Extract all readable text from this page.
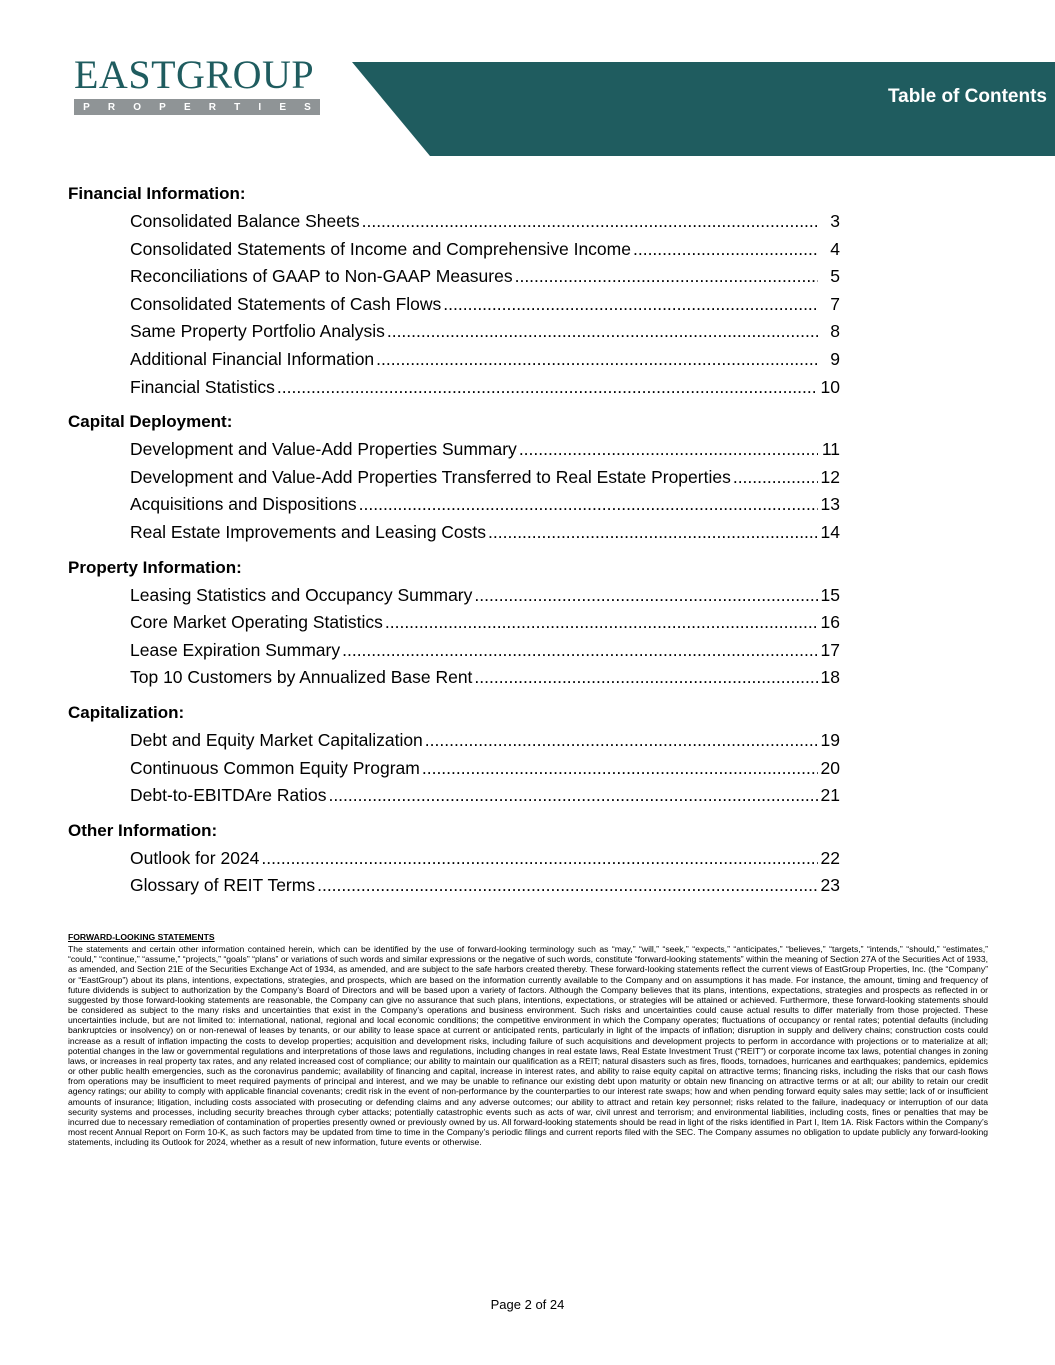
Table of Contents
EASTGROUP
P R O P E R T I E S
Financial Information:
Consolidated Balance Sheets .....	3
Consolidated Statements of Income and Comprehensive Income .....	4
Reconciliations of GAAP to Non-GAAP Measures .....	5
Consolidated Statements of Cash Flows .....	7
Same Property Portfolio Analysis .....	8
Additional Financial Information .....	9
Financial Statistics .....	10
Capital Deployment:
Development and Value-Add Properties Summary .....	11
Development and Value-Add Properties Transferred to Real Estate Properties .....	12
Acquisitions and Dispositions .....	13
Real Estate Improvements and Leasing Costs .....	14
Property Information:
Leasing Statistics and Occupancy Summary .....	15
Core Market Operating Statistics .....	16
Lease Expiration Summary .....	17
Top 10 Customers by Annualized Base Rent .....	18
Capitalization:
Debt and Equity Market Capitalization .....	19
Continuous Common Equity Program .....	20
Debt-to-EBITDAre Ratios .....	21
Other Information:
Outlook for 2024 .....	22
Glossary of REIT Terms .....	23
FORWARD-LOOKING STATEMENTS
The statements and certain other information contained herein, which can be identified by the use of forward-looking terminology such as “may,” “will,” “seek,” “expects,” “anticipates,” “believes,” “targets,” “intends,” “should,” “estimates,” “could,” “continue,” “assume,” “projects,” “goals” “plans” or variations of such words and similar expressions or the negative of such words, constitute “forward-looking statements” within the meaning of Section 27A of the Securities Act of 1933, as amended, and Section 21E of the Securities Exchange Act of 1934, as amended, and are subject to the safe harbors created thereby. These forward-looking statements reflect the current views of EastGroup Properties, Inc. (the “Company” or “EastGroup”) about its plans, intentions, expectations, strategies, and prospects, which are based on the information currently available to the Company and on assumptions it has made. For instance, the amount, timing and frequency of future dividends is subject to authorization by the Company’s Board of Directors and will be based upon a variety of factors. Although the Company believes that its plans, intentions, expectations, strategies and prospects as reflected in or suggested by those forward-looking statements are reasonable, the Company can give no assurance that such plans, intentions, expectations, or strategies will be attained or achieved. Furthermore, these forward-looking statements should be considered as subject to the many risks and uncertainties that exist in the Company’s operations and business environment. Such risks and uncertainties could cause actual results to differ materially from those projected. These uncertainties include, but are not limited to: international, national, regional and local economic conditions; the competitive environment in which the Company operates; fluctuations of occupancy or rental rates; potential defaults (including bankruptcies or insolvency) on or non-renewal of leases by tenants, or our ability to lease space at current or anticipated rents, particularly in light of the impacts of inflation; disruption in supply and delivery chains; construction costs could increase as a result of inflation impacting the costs to develop properties; acquisition and development risks, including failure of such acquisitions and development projects to perform in accordance with projections or to materialize at all; potential changes in the law or governmental regulations and interpretations of those laws and regulations, including changes in real estate laws, Real Estate Investment Trust (“REIT”) or corporate income tax laws, potential changes in zoning laws, or increases in real property tax rates, and any related increased cost of compliance; our ability to maintain our qualification as a REIT; natural disasters such as fires, floods, tornadoes, hurricanes and earthquakes; pandemics, epidemics or other public health emergencies, such as the coronavirus pandemic; availability of financing and capital, increase in interest rates, and ability to raise equity capital on attractive terms; financing risks, including the risks that our cash flows from operations may be insufficient to meet required payments of principal and interest, and we may be unable to refinance our existing debt upon maturity or obtain new financing on attractive terms or at all; our ability to retain our credit agency ratings; our ability to comply with applicable financial covenants; credit risk in the event of non-performance by the counterparties to our interest rate swaps; how and when pending forward equity sales may settle; lack of or insufficient amounts of insurance; litigation, including costs associated with prosecuting or defending claims and any adverse outcomes; our ability to attract and retain key personnel; risks related to the failure, inadequacy or interruption of our data security systems and processes, including security breaches through cyber attacks; potentially catastrophic events such as acts of war, civil unrest and terrorism; and environmental liabilities, including costs, fines or penalties that may be incurred due to necessary remediation of contamination of properties presently owned or previously owned by us. All forward-looking statements should be read in light of the risks identified in Part I, Item 1A. Risk Factors within the Company’s most recent Annual Report on Form 10-K, as such factors may be updated from time to time in the Company’s periodic filings and current reports filed with the SEC. The Company assumes no obligation to update publicly any forward-looking statements, including its Outlook for 2024, whether as a result of new information, future events or otherwise.
Page 2 of 24
